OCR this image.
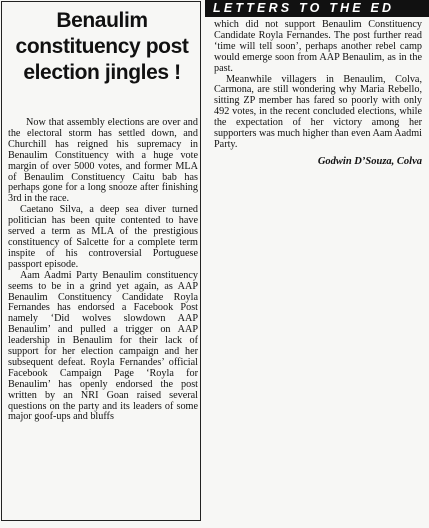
LETTERS TO THE ED
Benaulim constituency post election jingles !

Now that assembly elections are over and the electoral storm has settled down, and Churchill has reigned his supremacy in Benaulim Constituency with a huge vote margin of over 5000 votes, and former MLA of Benaulim Constituency Caitu bab has perhaps gone for a long snooze after finishing 3rd in the race.

Caetano Silva, a deep sea diver turned politician has been quite contented to have served a term as MLA of the prestigious constituency of Salcette for a complete term inspite of his controversial Portuguese passport episode.

Aam Aadmi Party Benaulim constituency seems to be in a grind yet again, as AAP Benaulim Constituency Candidate Royla Fernandes has endorsed a Facebook Post namely ‘Did wolves slowdown AAP Benaulim’ and pulled a trigger on AAP leadership in Benaulim for their lack of support for her election campaign and her subsequent defeat. Royla Fernandes’ official Facebook Campaign Page ‘Royla for Benaulim’ has openly endorsed the post written by an NRI Goan raised several questions on the party and its leaders of some major goof-ups and bluffs

which did not support Benaulim Constituency Candidate Royla Fernandes. The post further read ‘time will tell soon’, perhaps another rebel camp would emerge soon from AAP Benaulim, as in the past.

Meanwhile villagers in Benaulim, Colva, Carmona, are still wondering why Maria Rebello, sitting ZP member has fared so poorly with only 492 votes, in the recent concluded elections, while the expectation of her victory among her supporters was much higher than even Aam Aadmi Party.

Godwin D’Souza, Colva
